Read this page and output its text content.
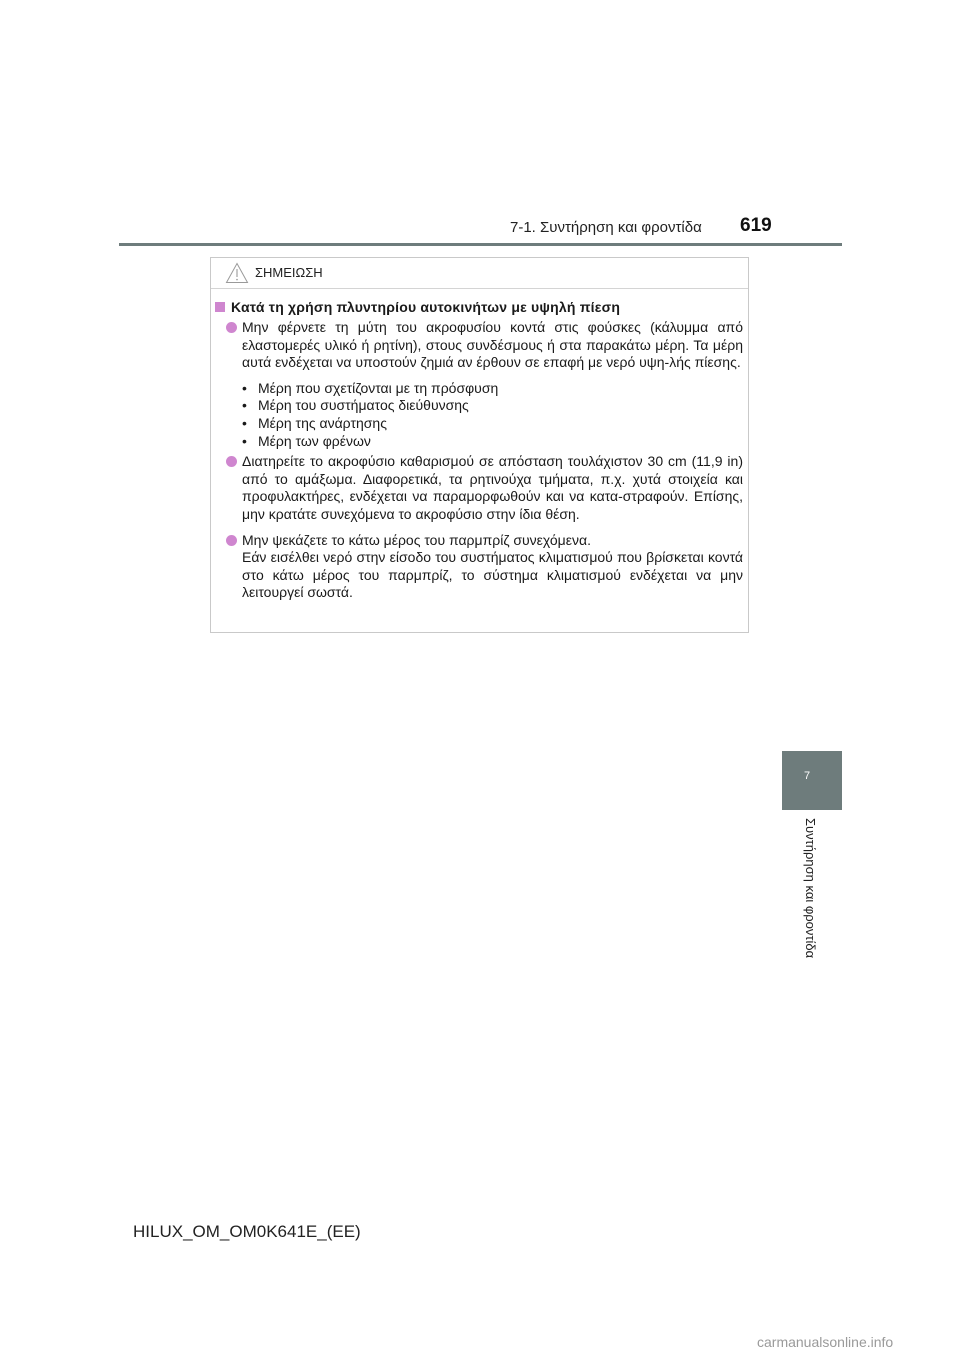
7-1. Συντήρηση και φροντίδα 619
7
Συντήρηση και φροντίδα
ΣΗΜΕΙΩΣΗ
Κατά τη χρήση πλυντηρίου αυτοκινήτων με υψηλή πίεση
Μην φέρνετε τη μύτη του ακροφυσίου κοντά στις φούσκες (κάλυμμα από ελαστομερές υλικό ή ρητίνη), στους συνδέσμους ή στα παρακάτω μέρη. Τα μέρη αυτά ενδέχεται να υποστούν ζημιά αν έρθουν σε επαφή με νερό υψη-λής πίεσης.
• Μέρη που σχετίζονται με τη πρόσφυση
• Μέρη του συστήματος διεύθυνσης
• Μέρη της ανάρτησης
• Μέρη των φρένων
Διατηρείτε το ακροφύσιο καθαρισμού σε απόσταση τουλάχιστον 30 cm (11,9 in) από το αμάξωμα. Διαφορετικά, τα ρητινούχα τμήματα, π.χ. χυτά στοιχεία και προφυλακτήρες, ενδέχεται να παραμορφωθούν και να κατα-στραφούν. Επίσης, μην κρατάτε συνεχόμενα το ακροφύσιο στην ίδια θέση.
Μην ψεκάζετε το κάτω μέρος του παρμπρίζ συνεχόμενα.
Εάν εισέλθει νερό στην είσοδο του συστήματος κλιματισμού που βρίσκεται κοντά στο κάτω μέρος του παρμπρίζ, το σύστημα κλιματισμού ενδέχεται να μην λειτουργεί σωστά.
HILUX_OM_OM0K641E_(EE)
carmanualsonline.info
